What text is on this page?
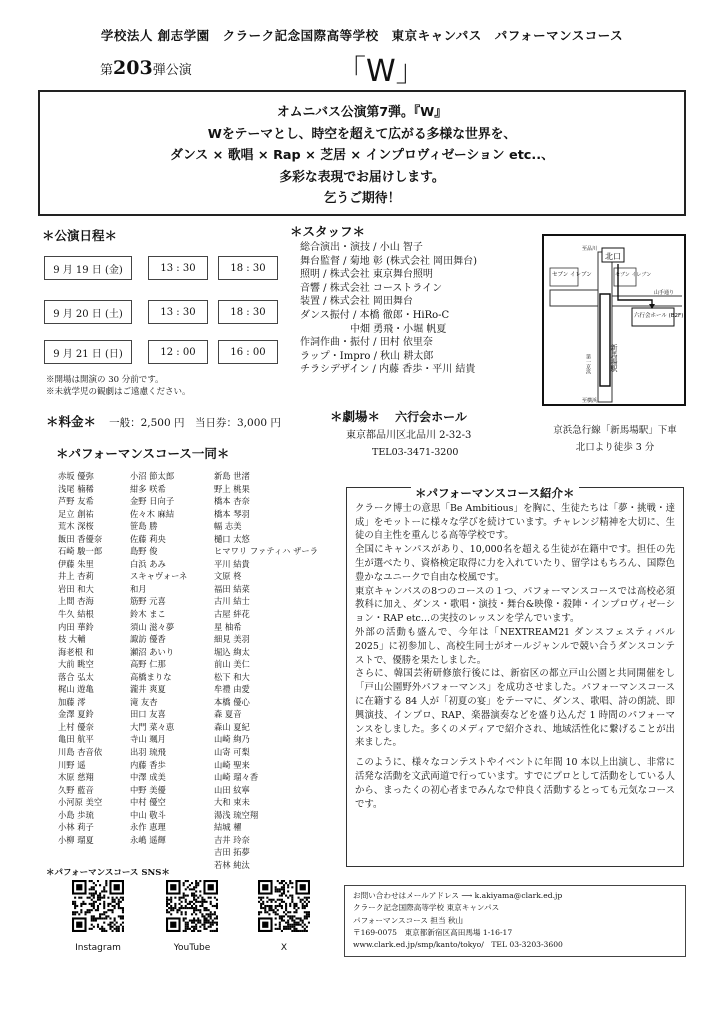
学校法人 創志学園　クラーク記念国際高等学校　東京キャンパス　パフォーマンスコース
第203弾公演	「W」
オムニバス公演第7弾。『W』
Wをテーマとし、時空を超えて広がる多様な世界を、
ダンス × 歌唱 × Rap × 芝居 × インプロヴィゼーション etc..、
多彩な表現でお届けします。
乞うご期待！
＊公演日程＊
9 月 19 日 (金)	13 : 30	18 : 30
9 月 20 日 (土)	13 : 30	18 : 30
9 月 21 日 (日)	12 : 00	16 : 00
※開場は開演の 30 分前です。
※未就学児の観劇はご遠慮ください。
＊料金＊ 一般：2,500 円　当日券：3,000 円
＊スタッフ＊
総合演出・演技 / 小山 智子
舞台監督 / 菊地 彰 (株式会社 岡田舞台)
照明 / 株式会社 東京舞台照明
音響 / 株式会社 コーストライン
装置 / 株式会社 岡田舞台
ダンス振付 / 本橋 徹郎・HiRo-C
　　　　　中畑 勇飛・小堀 帆夏
作詞作曲・振付 / 田村 依里奈
ラップ・Impro / 秋山 耕太郎
チラシデザイン / 内藤 香歩・平川 結貴
＊劇場＊ 六行会ホール
東京都品川区北品川 2-32-3
TEL03-3471-3200
北口
セブン イレブン	セブン イレブン
六行会ホール (B2F)
山手通り
新馬場駅
第一京浜
至品川
至横浜
京浜急行線「新馬場駅」下車
北口より徒歩 3 分
＊パフォーマンスコース一同＊
赤坂 優弥
浅尾 楠稀
芦野 友希
足立 創祐
荒木 深桜
飯田 香優奈
石崎 駿一郎
伊藤 朱里
井上 杏莉
岩田 和大
上間 杏海
牛久 結根
内田 華鈴
枝 大輔
海老根 和
大前 眺空
落合 弘太
梶山 遊亀
加藤 澪
金澤 夏鈴
上村 優奈
亀田 航平
川島 杏音依
川野 遥
木原 慈翔
久野 藍音
小河原 美空
小島 歩琉
小林 莉子
小柳 瑠夏
小沼 節太郎
紺多 咲希
金野 日向子
佐々木 麻結
笹島 勝
佐藤 莉央
島野 俊
白浜 あみ
スキャヴォーネ
和月
筋野 元喜
鈴木 まこ
須山 滋々夢
諏訪 優香
瀬沼 あいり
高野 仁那
高橋まりな
瀧井 爽夏
滝 友杏
田口 友喜
大門 菜々恵
寺山 颯月
出羽 琉飛
内藤 香歩
中澤 成美
中野 美優
中村 優空
中山 敬斗
永作 恵理
永嶋 遥輝
新島 世渚
野上 桃果
橋本 杏奈
橋本 琴羽
幅 志美
樋口 太悠
ヒマワリ ファティハ ザーラ
平川 結貴
文原 柊
福田 結菜
古川 結士
古屋 絆花
星 柚希
細見 美羽
堀込 絢太
前山 美仁
松下 和大
牟禮 由愛
本橋 優心
森 夏音
森山 夏紀
山崎 絢乃
山寄 可梨
山崎 聖来
山崎 瑠々香
山田 紋寧
大和 束未
湯浅 琉空翔
結城 櫂
吉井 玲奈
吉田 拓夢
若林 純汰
＊パフォーマンスコース紹介＊
クラーク博士の意思「Be Ambitious」を胸に、生徒たちは「夢・挑戦・達成」をモットーに様々な学びを続けています。チャレンジ精神を大切に、生徒の自主性を重んじる高等学校です。
全国にキャンパスがあり、10,000名を超える生徒が在籍中です。担任の先生が選べたり、資格検定取得に力を入れていたり、留学はもちろん、国際色豊かなユニークで自由な校風です。
東京キャンパスの8つのコースの１つ、パフォーマンスコースでは高校必須教科に加え、ダンス・歌唱・演技・舞台&映像・殺陣・インプロヴィゼーション・RAP etc…の実技のレッスンを学んでいます。
外部の活動も盛んで、今年は「NEXTREAM21 ダンスフェスティバル2025」に初参加し、高校生同士がオールジャンルで競い合うダンスコンテストで、優勝を果たしました。
さらに、韓国芸術研修旅行後には、新宿区の都立戸山公園と共同開催をし「戸山公園野外パフォーマンス」を成功させました。パフォーマンスコースに在籍する 84 人が「初夏の宴」をテーマに、ダンス、歌唱、詩の朗読、即興演技、インプロ、RAP、楽器演奏などを盛り込んだ 1 時間のパフォーマンスをしました。多くのメディアで紹介され、地域活性化に繋げることが出来ました。
このように、様々なコンテストやイベントに年間 10 本以上出演し、非常に活発な活動を文武両道で行っています。すでにプロとして活動をしている人から、まったくの初心者までみんなで仲良く活動するとっても元気なコースです。
お問い合わせはメールアドレス ⟶ k.akiyama@clark.ed.jp
クラーク記念国際高等学校 東京キャンパス
パフォーマンスコース 担当 秋山
〒169-0075　東京都新宿区高田馬場 1-16-17
www.clark.ed.jp/smp/kanto/tokyo/　TEL 03-3203-3600
＊パフォーマンスコース SNS＊
Instagram	YouTube	X
